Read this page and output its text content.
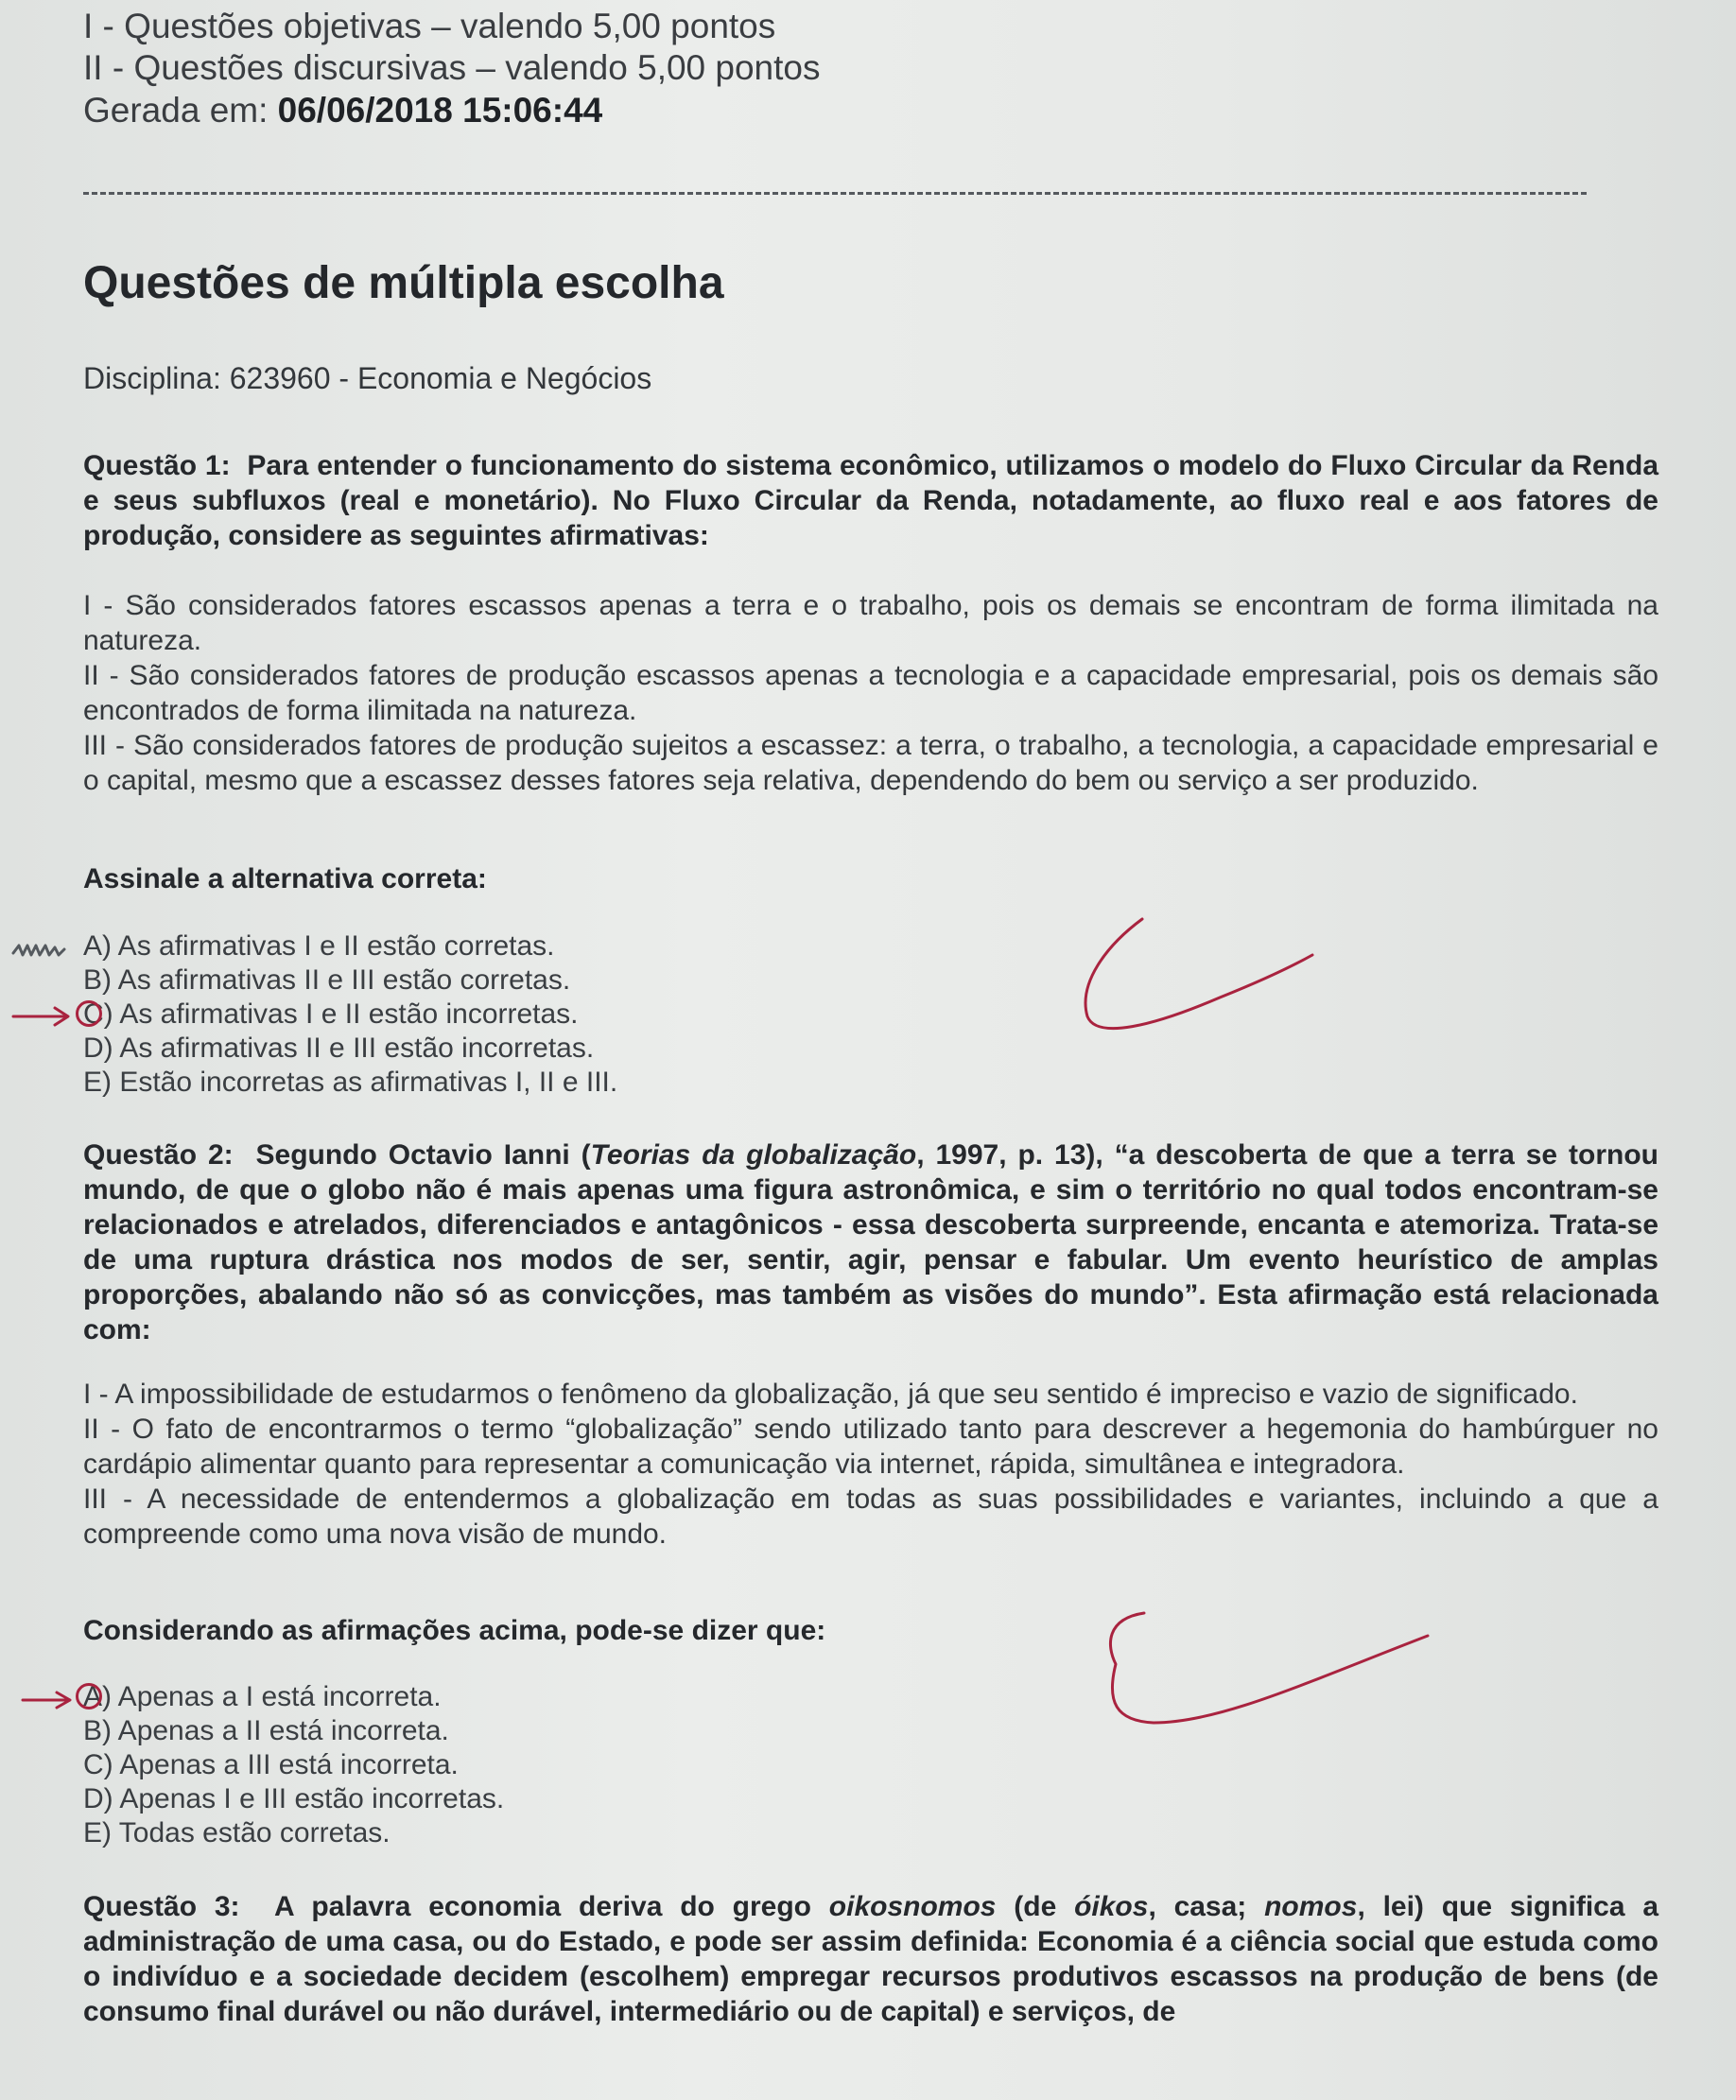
I - Questões objetivas – valendo 5,00 pontos
II - Questões discursivas – valendo 5,00 pontos
Gerada em: 06/06/2018 15:06:44
Questões de múltipla escolha
Disciplina: 623960 - Economia e Negócios
Questão 1: Para entender o funcionamento do sistema econômico, utilizamos o modelo do Fluxo Circular da Renda e seus subfluxos (real e monetário). No Fluxo Circular da Renda, notadamente, ao fluxo real e aos fatores de produção, considere as seguintes afirmativas:
I - São considerados fatores escassos apenas a terra e o trabalho, pois os demais se encontram de forma ilimitada na natureza.
II - São considerados fatores de produção escassos apenas a tecnologia e a capacidade empresarial, pois os demais são encontrados de forma ilimitada na natureza.
III - São considerados fatores de produção sujeitos a escassez: a terra, o trabalho, a tecnologia, a capacidade empresarial e o capital, mesmo que a escassez desses fatores seja relativa, dependendo do bem ou serviço a ser produzido.
Assinale a alternativa correta:
A) As afirmativas I e II estão corretas.
B) As afirmativas II e III estão corretas.
C) As afirmativas I e II estão incorretas.
D) As afirmativas II e III estão incorretas.
E) Estão incorretas as afirmativas I, II e III.
Questão 2: Segundo Octavio Ianni (Teorias da globalização, 1997, p. 13), “a descoberta de que a terra se tornou mundo, de que o globo não é mais apenas uma figura astronômica, e sim o território no qual todos encontram-se relacionados e atrelados, diferenciados e antagônicos - essa descoberta surpreende, encanta e atemoriza. Trata-se de uma ruptura drástica nos modos de ser, sentir, agir, pensar e fabular. Um evento heurístico de amplas proporções, abalando não só as convicções, mas também as visões do mundo”. Esta afirmação está relacionada com:
I - A impossibilidade de estudarmos o fenômeno da globalização, já que seu sentido é impreciso e vazio de significado.
II - O fato de encontrarmos o termo “globalização” sendo utilizado tanto para descrever a hegemonia do hambúrguer no cardápio alimentar quanto para representar a comunicação via internet, rápida, simultânea e integradora.
III - A necessidade de entendermos a globalização em todas as suas possibilidades e variantes, incluindo a que a compreende como uma nova visão de mundo.
Considerando as afirmações acima, pode-se dizer que:
A) Apenas a I está incorreta.
B) Apenas a II está incorreta.
C) Apenas a III está incorreta.
D) Apenas I e III estão incorretas.
E) Todas estão corretas.
Questão 3: A palavra economia deriva do grego oikosnomos (de óikos, casa; nomos, lei) que significa a administração de uma casa, ou do Estado, e pode ser assim definida: Economia é a ciência social que estuda como o indivíduo e a sociedade decidem (escolhem) empregar recursos produtivos escassos na produção de bens (de consumo final durável ou não durável, intermediário ou de capital) e serviços, de
